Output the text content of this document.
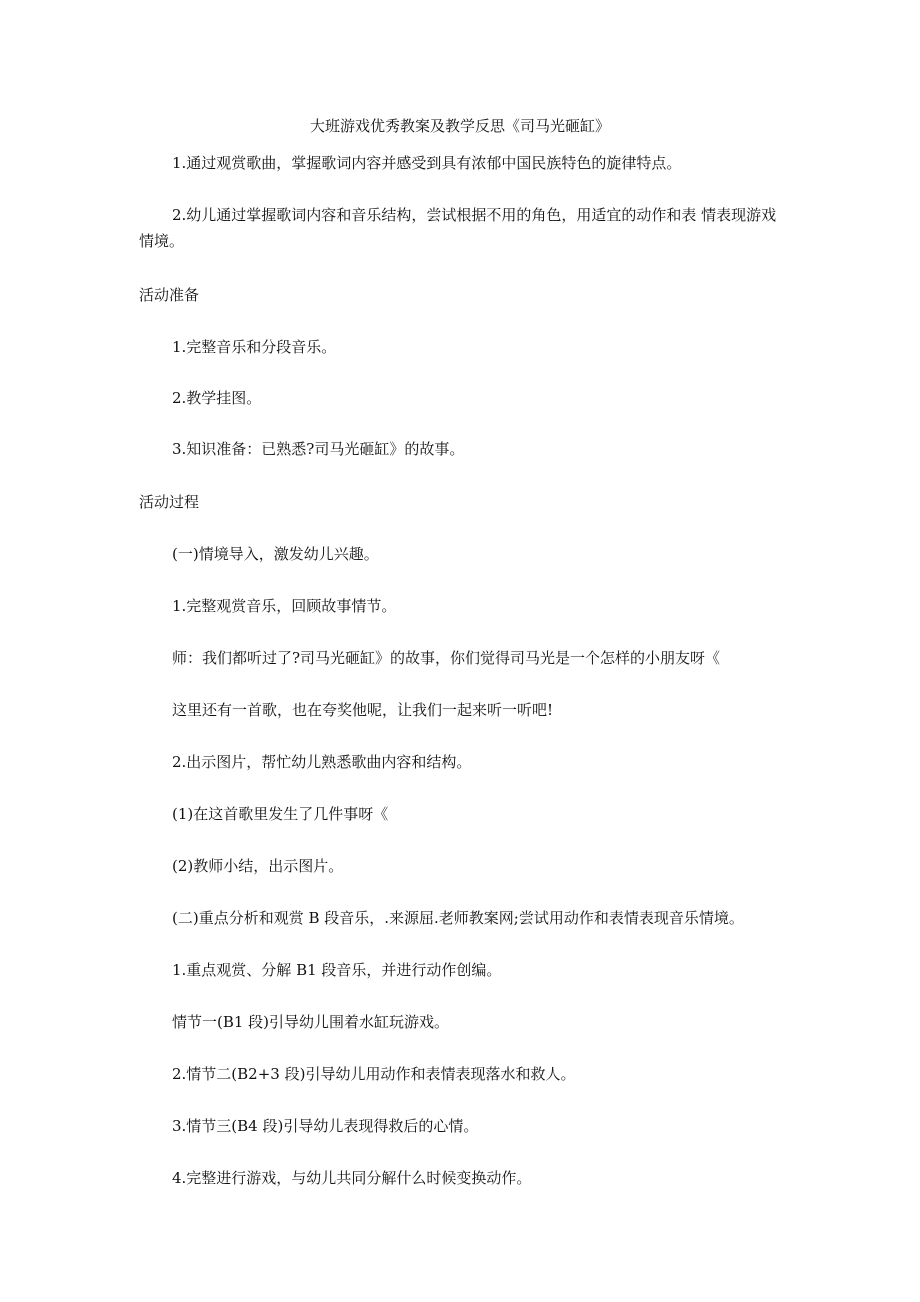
大班游戏优秀教案及教学反思《司马光砸缸》
1.通过观赏歌曲，掌握歌词内容并感受到具有浓郁中国民族特色的旋律特点。
2.幼儿通过掌握歌词内容和音乐结构，尝试根据不用的角色，用适宜的动作和表 情表现游戏情境。
活动准备
1.完整音乐和分段音乐。
2.教学挂图。
3.知识准备：已熟悉?司马光砸缸》的故事。
活动过程
(一)情境导入，激发幼儿兴趣。
1.完整观赏音乐，回顾故事情节。
师：我们都听过了?司马光砸缸》的故事，你们觉得司马光是一个怎样的小朋友呀《
这里还有一首歌，也在夸奖他呢，让我们一起来听一听吧!
2.出示图片，帮忙幼儿熟悉歌曲内容和结构。
(1)在这首歌里发生了几件事呀《
(2)教师小结，出示图片。
(二)重点分析和观赏 B 段音乐，.来源屈.老师教案网;尝试用动作和表情表现音乐情境。
1.重点观赏、分解 B1 段音乐，并进行动作创编。
情节一(B1 段)引导幼儿围着水缸玩游戏。
2.情节二(B2+3 段)引导幼儿用动作和表情表现落水和救人。
3.情节三(B4 段)引导幼儿表现得救后的心情。
4.完整进行游戏，与幼儿共同分解什么时候变换动作。
